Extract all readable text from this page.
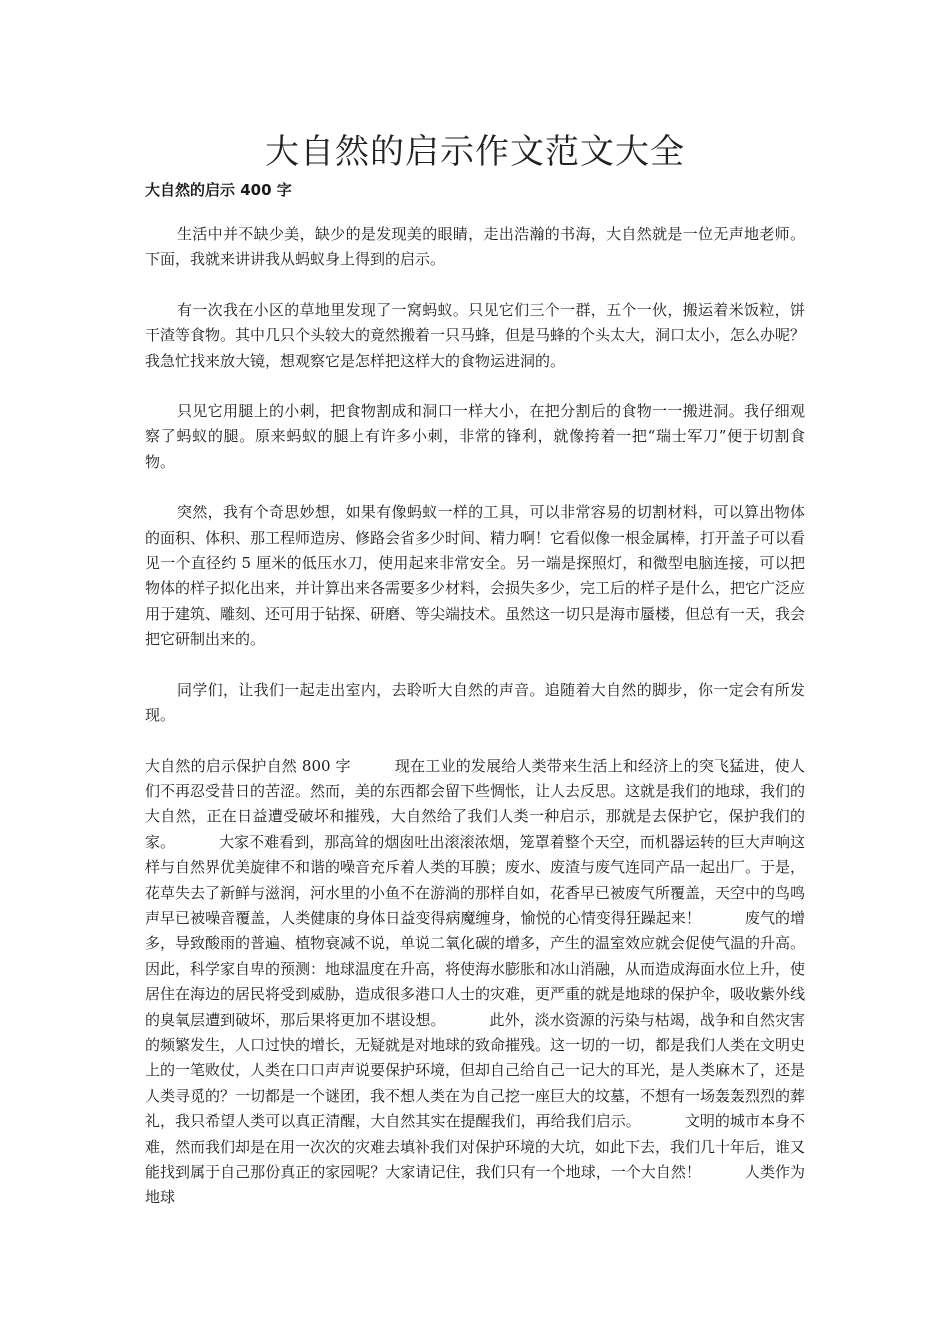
大自然的启示作文范文大全
大自然的启示 400 字

生活中并不缺少美，缺少的是发现美的眼睛，走出浩瀚的书海，大自然就是一位无声地老师。下面，我就来讲讲我从蚂蚁身上得到的启示。

有一次我在小区的草地里发现了一窝蚂蚁。只见它们三个一群，五个一伙，搬运着米饭粒，饼干渣等食物。其中几只个头较大的竟然搬着一只马蜂，但是马蜂的个头太大，洞口太小，怎么办呢？我急忙找来放大镜，想观察它是怎样把这样大的食物运进洞的。

只见它用腿上的小刺，把食物割成和洞口一样大小，在把分割后的食物一一搬进洞。我仔细观察了蚂蚁的腿。原来蚂蚁的腿上有许多小刺，非常的锋利，就像挎着一把“瑞士军刀”便于切割食物。

突然，我有个奇思妙想，如果有像蚂蚁一样的工具，可以非常容易的切割材料，可以算出物体的面积、体积、那工程师造房、修路会省多少时间、精力啊！它看似像一根金属棒，打开盖子可以看见一个直径约 5 厘米的低压水刀，使用起来非常安全。另一端是探照灯，和微型电脑连接，可以把物体的样子拟化出来，并计算出来各需要多少材料，会损失多少，完工后的样子是什么，把它广泛应用于建筑、雕刻、还可用于钻探、研磨、等尖端技术。虽然这一切只是海市蜃楼，但总有一天，我会把它研制出来的。

同学们，让我们一起走出室内，去聆听大自然的声音。追随着大自然的脚步，你一定会有所发现。

大自然的启示保护自然 800 字	现在工业的发展给人类带来生活上和经济上的突飞猛进，使人们不再忍受昔日的苦涩。然而，美的东西都会留下些惆怅，让人去反思。这就是我们的地球，我们的大自然，正在日益遭受破坏和摧残，大自然给了我们人类一种启示，那就是去保护它，保护我们的家。	大家不难看到，那高耸的烟囱吐出滚滚浓烟，笼罩着整个天空，而机器运转的巨大声响这样与自然界优美旋律不和谐的噪音充斥着人类的耳膜；废水、废渣与废气连同产品一起出厂。于是，花草失去了新鲜与滋润，河水里的小鱼不在游淌的那样自如，花香早已被废气所覆盖，天空中的鸟鸣声早已被噪音覆盖，人类健康的身体日益变得病魔缠身，愉悦的心情变得狂躁起来！	废气的增多，导致酸雨的普遍、植物衰减不说，单说二氧化碳的增多，产生的温室效应就会促使气温的升高。因此，科学家自卑的预测：地球温度在升高，将使海水膨胀和冰山消融，从而造成海面水位上升，使居住在海边的居民将受到威胁，造成很多港口人士的灾难，更严重的就是地球的保护伞，吸收紫外线的臭氧层遭到破坏，那后果将更加不堪设想。	此外，淡水资源的污染与枯竭，战争和自然灾害的频繁发生，人口过快的增长，无疑就是对地球的致命摧残。这一切的一切，都是我们人类在文明史上的一笔败仗，人类在口口声声说要保护环境，但却自己给自己一记大的耳光，是人类麻木了，还是人类寻觅的？一切都是一个谜团，我不想人类在为自己挖一座巨大的坟墓，不想有一场轰轰烈烈的葬礼，我只希望人类可以真正清醒，大自然其实在提醒我们，再给我们启示。	文明的城市本身不难，然而我们却是在用一次次的灾难去填补我们对保护环境的大坑，如此下去，我们几十年后，谁又能找到属于自己那份真正的家园呢？大家请记住，我们只有一个地球，一个大自然！	人类作为地球
